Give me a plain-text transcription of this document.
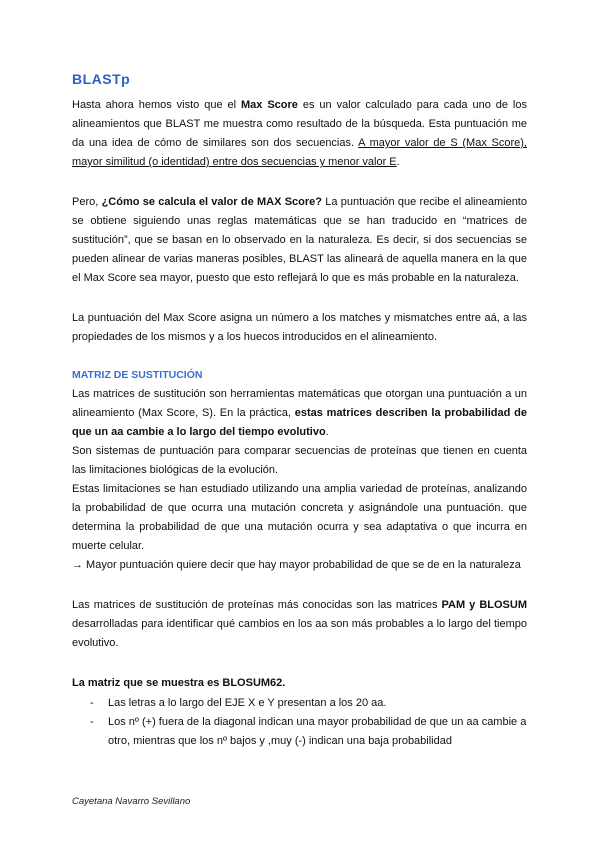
BLASTp

Hasta ahora hemos visto que el Max Score es un valor calculado para cada uno de los alineamientos que BLAST me muestra como resultado de la búsqueda. Esta puntuación me da una idea de cómo de similares son dos secuencias. A mayor valor de S (Max Score), mayor similitud (o identidad) entre dos secuencias y menor valor E.

Pero, ¿Cómo se calcula el valor de MAX Score? La puntuación que recibe el alineamiento se obtiene siguiendo unas reglas matemáticas que se han traducido en “matrices de sustitución”, que se basan en lo observado en la naturaleza. Es decir, si dos secuencias se pueden alinear de varias maneras posibles, BLAST las alineará de aquella manera en la que el Max Score sea mayor, puesto que esto reflejará lo que es más probable en la naturaleza.

La puntuación del Max Score asigna un número a los matches y mismatches entre aá, a las propiedades de los mismos y a los huecos introducidos en el alineamiento.

MATRIZ DE SUSTITUCIÓN

Las matrices de sustitución son herramientas matemáticas que otorgan una puntuación a un alineamiento (Max Score, S). En la práctica, estas matrices describen la probabilidad de que un aa cambie a lo largo del tiempo evolutivo.

Son sistemas de puntuación para comparar secuencias de proteínas que tienen en cuenta las limitaciones biológicas de la evolución.

Estas limitaciones se han estudiado utilizando una amplia variedad de proteínas, analizando la probabilidad de que ocurra una mutación concreta y asignándole una puntuación. que determina la probabilidad de que una mutación ocurra y sea adaptativa o que incurra en muerte celular.

→ Mayor puntuación quiere decir que hay mayor probabilidad de que se de en la naturaleza

Las matrices de sustitución de proteínas más conocidas son las matrices PAM y BLOSUM desarrolladas para identificar qué cambios en los aa son más probables a lo largo del tiempo evolutivo.

La matriz que se muestra es BLOSUM62.
- Las letras a lo largo del EJE X e Y presentan a los 20 aa.
- Los nº (+) fuera de la diagonal indican una mayor probabilidad de que un aa cambie a otro, mientras que los nº bajos y ,muy (-) indican una baja probabilidad
Cayetana Navarro Sevillano
